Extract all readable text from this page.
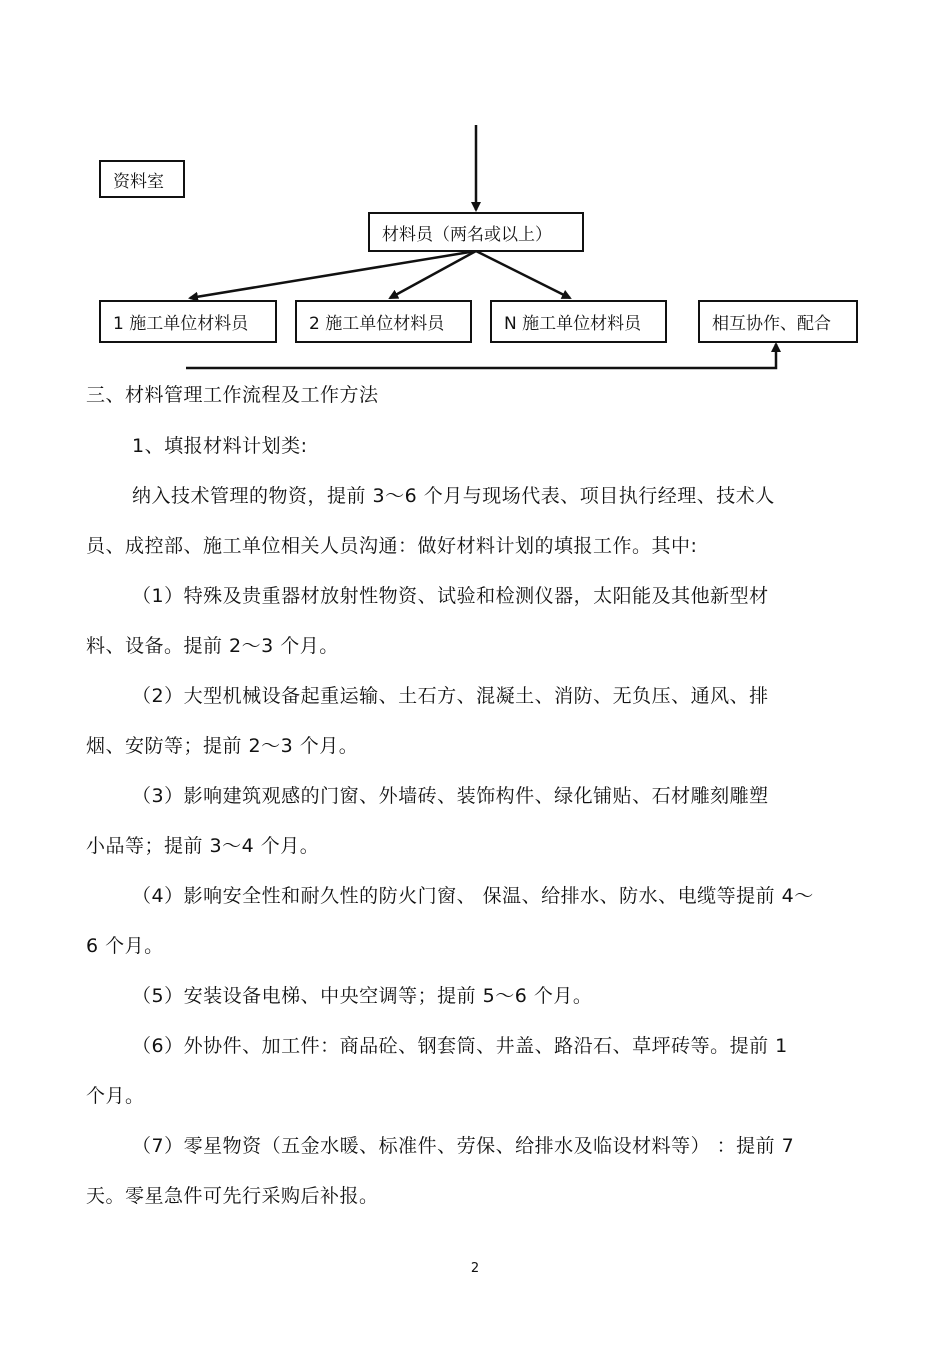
资料室
材料员（两名或以上）
1 施工单位材料员	2 施工单位材料员	N 施工单位材料员	相互协作、配合
三、材料管理工作流程及工作方法
1、填报材料计划类:
纳入技术管理的物资，提前 3～6 个月与现场代表、项目执行经理、技术人
员、成控部、施工单位相关人员沟通：做好材料计划的填报工作。其中:
（1）特殊及贵重器材放射性物资、试验和检测仪器，太阳能及其他新型材
料、设备。提前 2～3 个月。
（2）大型机械设备起重运输、土石方、混凝土、消防、无负压、通风、排
烟、安防等；提前 2～3 个月。
（3）影响建筑观感的门窗、外墙砖、装饰构件、绿化铺贴、石材雕刻雕塑
小品等；提前 3～4 个月。
（4）影响安全性和耐久性的防火门窗、 保温、给排水、防水、电缆等提前 4～
6 个月。
（5）安装设备电梯、中央空调等；提前 5～6 个月。
（6）外协件、加工件：商品砼、钢套筒、井盖、路沿石、草坪砖等。提前 1
个月。
（7）零星物资（五金水暖、标准件、劳保、给排水及临设材料等） ：提前 7
天。零星急件可先行采购后补报。
2
